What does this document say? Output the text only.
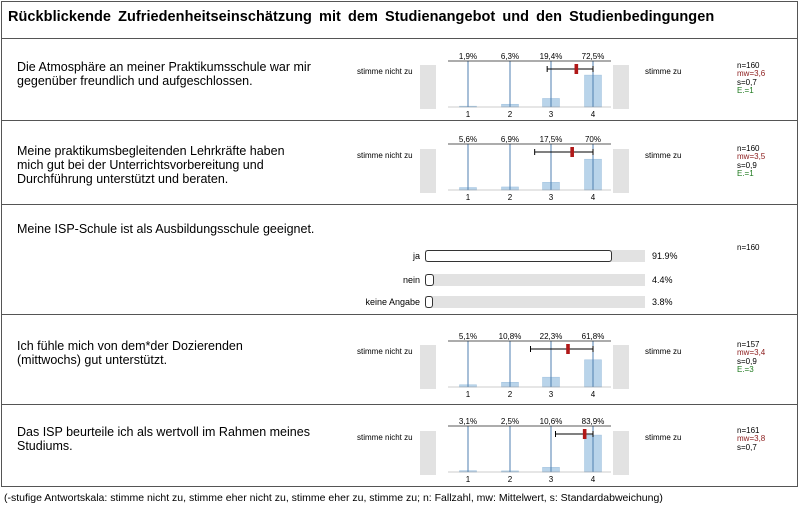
Rückblickende Zufriedenheitseinschätzung mit dem Studienangebot und den Studienbedingungen
Die Atmosphäre an meiner Praktikumsschule war mir gegenüber freundlich und aufgeschlossen.
stimme nicht zu
1,9%
1
6,3%
2
19,4%
3
72,5%
4
stimme zu
n=160
mw=3,6
s=0,7
E.=1
Meine praktikumsbegleitenden Lehrkräfte haben mich gut bei der Unterrichtsvorbereitung und Durchführung unterstützt und beraten.
stimme nicht zu
5,6%
1
6,9%
2
17,5%
3
70%
4
stimme zu
n=160
mw=3,5
s=0,9
E.=1
Meine ISP-Schule ist als Ausbildungsschule geeignet.
n=160
ja	91.9%
nein	4.4%
keine Angabe	3.8%
Ich fühle mich von dem*der Dozierenden (mittwochs) gut unterstützt.
stimme nicht zu
5,1%
1
10,8%
2
22,3%
3
61,8%
4
stimme zu
n=157
mw=3,4
s=0,9
E.=3
Das ISP beurteile ich als wertvoll im Rahmen meines Studiums.
stimme nicht zu
3,1%
1
2,5%
2
10,6%
3
83,9%
4
stimme zu
n=161
mw=3,8
s=0,7
(-stufige Antwortskala: stimme nicht zu, stimme eher nicht zu, stimme eher zu, stimme zu; n: Fallzahl, mw: Mittelwert, s: Standardabweichung)
